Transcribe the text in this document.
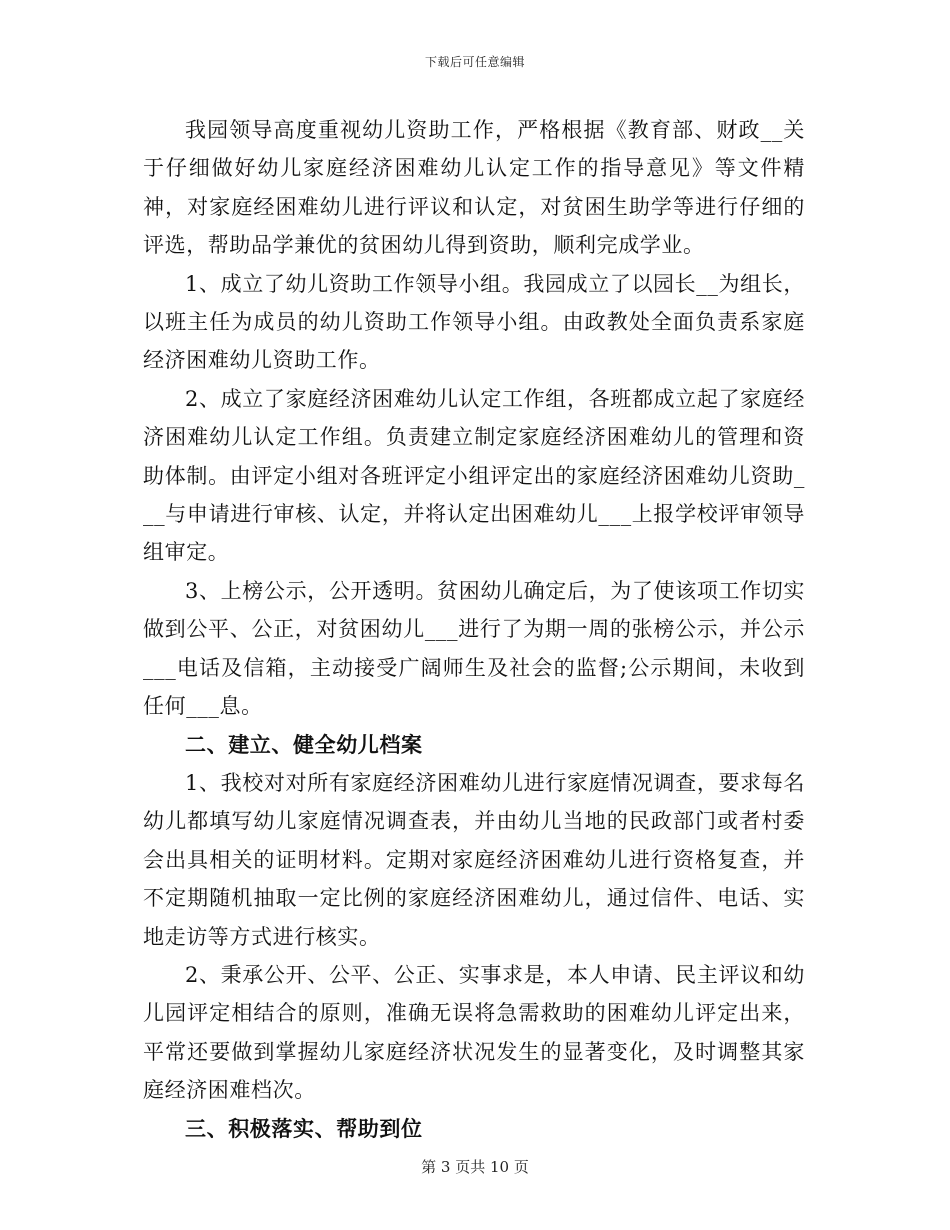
下载后可任意编辑

我园领导高度重视幼儿资助工作，严格根据《教育部、财政__关于仔细做好幼儿家庭经济困难幼儿认定工作的指导意见》等文件精神，对家庭经困难幼儿进行评议和认定，对贫困生助学等进行仔细的评选，帮助品学兼优的贫困幼儿得到资助，顺利完成学业。

1、成立了幼儿资助工作领导小组。我园成立了以园长__为组长，以班主任为成员的幼儿资助工作领导小组。由政教处全面负责系家庭经济困难幼儿资助工作。

2、成立了家庭经济困难幼儿认定工作组，各班都成立起了家庭经济困难幼儿认定工作组。负责建立制定家庭经济困难幼儿的管理和资助体制。由评定小组对各班评定小组评定出的家庭经济困难幼儿资助___与申请进行审核、认定，并将认定出困难幼儿___上报学校评审领导组审定。

3、上榜公示，公开透明。贫困幼儿确定后，为了使该项工作切实做到公平、公正，对贫困幼儿___进行了为期一周的张榜公示，并公示___电话及信箱，主动接受广阔师生及社会的监督;公示期间，未收到任何___息。

二、建立、健全幼儿档案

1、我校对对所有家庭经济困难幼儿进行家庭情况调查，要求每名幼儿都填写幼儿家庭情况调查表，并由幼儿当地的民政部门或者村委会出具相关的证明材料。定期对家庭经济困难幼儿进行资格复查，并不定期随机抽取一定比例的家庭经济困难幼儿，通过信件、电话、实地走访等方式进行核实。

2、秉承公开、公平、公正、实事求是，本人申请、民主评议和幼儿园评定相结合的原则，准确无误将急需救助的困难幼儿评定出来，平常还要做到掌握幼儿家庭经济状况发生的显著变化，及时调整其家庭经济困难档次。

三、积极落实、帮助到位

第 3 页共 10 页
